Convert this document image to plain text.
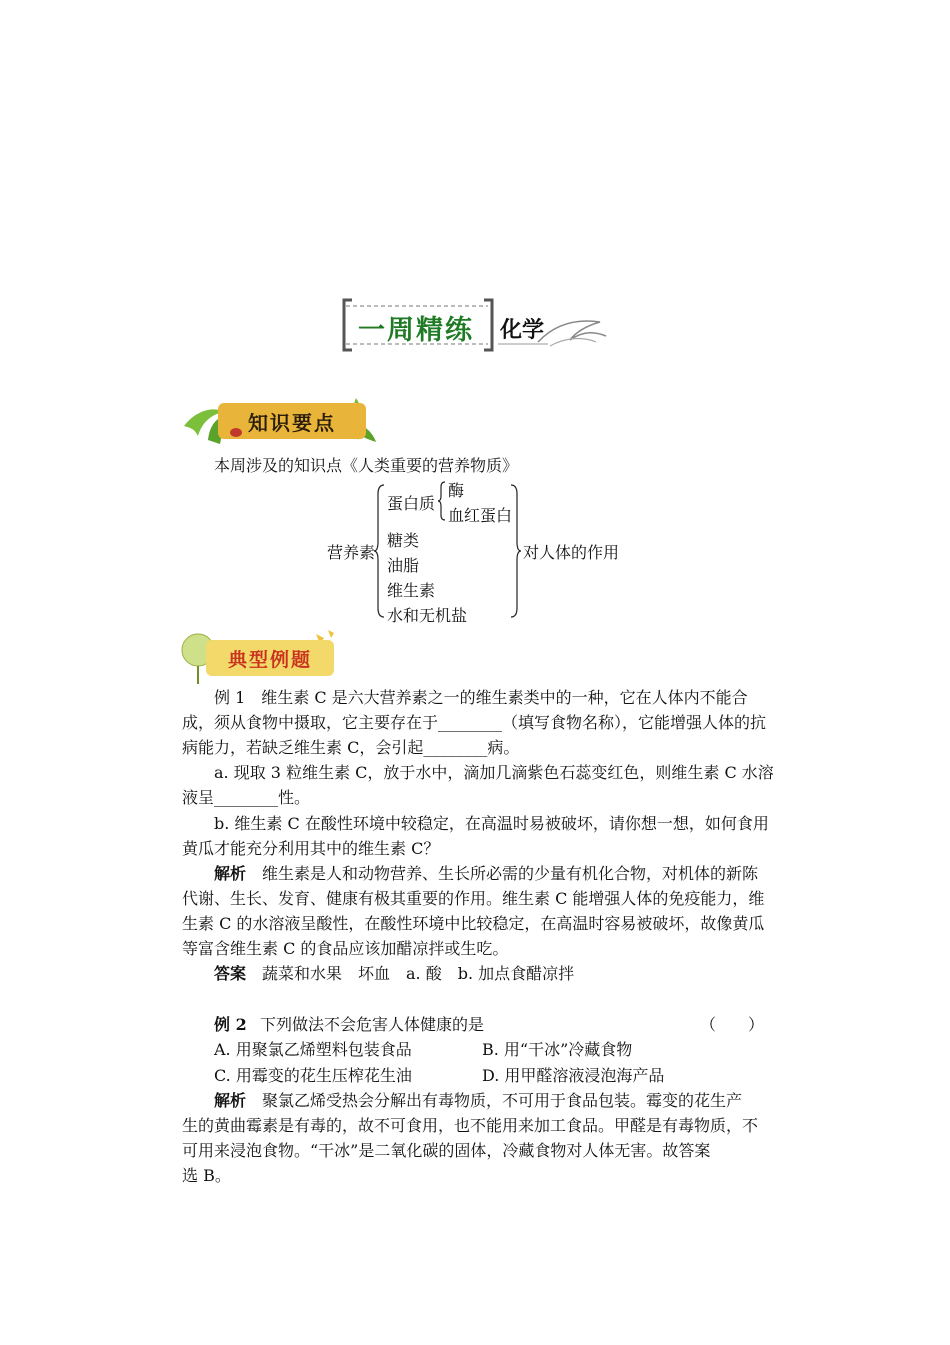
一周精练 化学
知识要点
本周涉及的知识点《人类重要的营养物质》
营养素
蛋白质
酶
血红蛋白
糖类
油脂
维生素
水和无机盐
对人体的作用
典型例题
例 1　维生素 C 是六大营养素之一的维生素类中的一种，它在人体内不能合
成，须从食物中摄取，它主要存在于________（填写食物名称），它能增强人体的抗
病能力，若缺乏维生素 C，会引起________病。
a. 现取 3 粒维生素 C，放于水中，滴加几滴紫色石蕊变红色，则维生素 C 水溶
液呈________性。
b. 维生素 C 在酸性环境中较稳定，在高温时易被破坏，请你想一想，如何食用
黄瓜才能充分利用其中的维生素 C？
解析 维生素是人和动物营养、生长所必需的少量有机化合物，对机体的新陈
代谢、生长、发育、健康有极其重要的作用。维生素 C 能增强人体的免疫能力，维
生素 C 的水溶液呈酸性，在酸性环境中比较稳定，在高温时容易被破坏，故像黄瓜
等富含维生素 C 的食品应该加醋凉拌或生吃。
答案 蔬菜和水果　坏血　a. 酸　b. 加点食醋凉拌
例 2 下列做法不会危害人体健康的是	（　　）
A. 用聚氯乙烯塑料包装食品	B. 用“干冰”冷藏食物
C. 用霉变的花生压榨花生油	D. 用甲醛溶液浸泡海产品
解析 聚氯乙烯受热会分解出有毒物质，不可用于食品包装。霉变的花生产
生的黄曲霉素是有毒的，故不可食用，也不能用来加工食品。甲醛是有毒物质，不
可用来浸泡食物。“干冰”是二氧化碳的固体，冷藏食物对人体无害。故答案
选 B。
